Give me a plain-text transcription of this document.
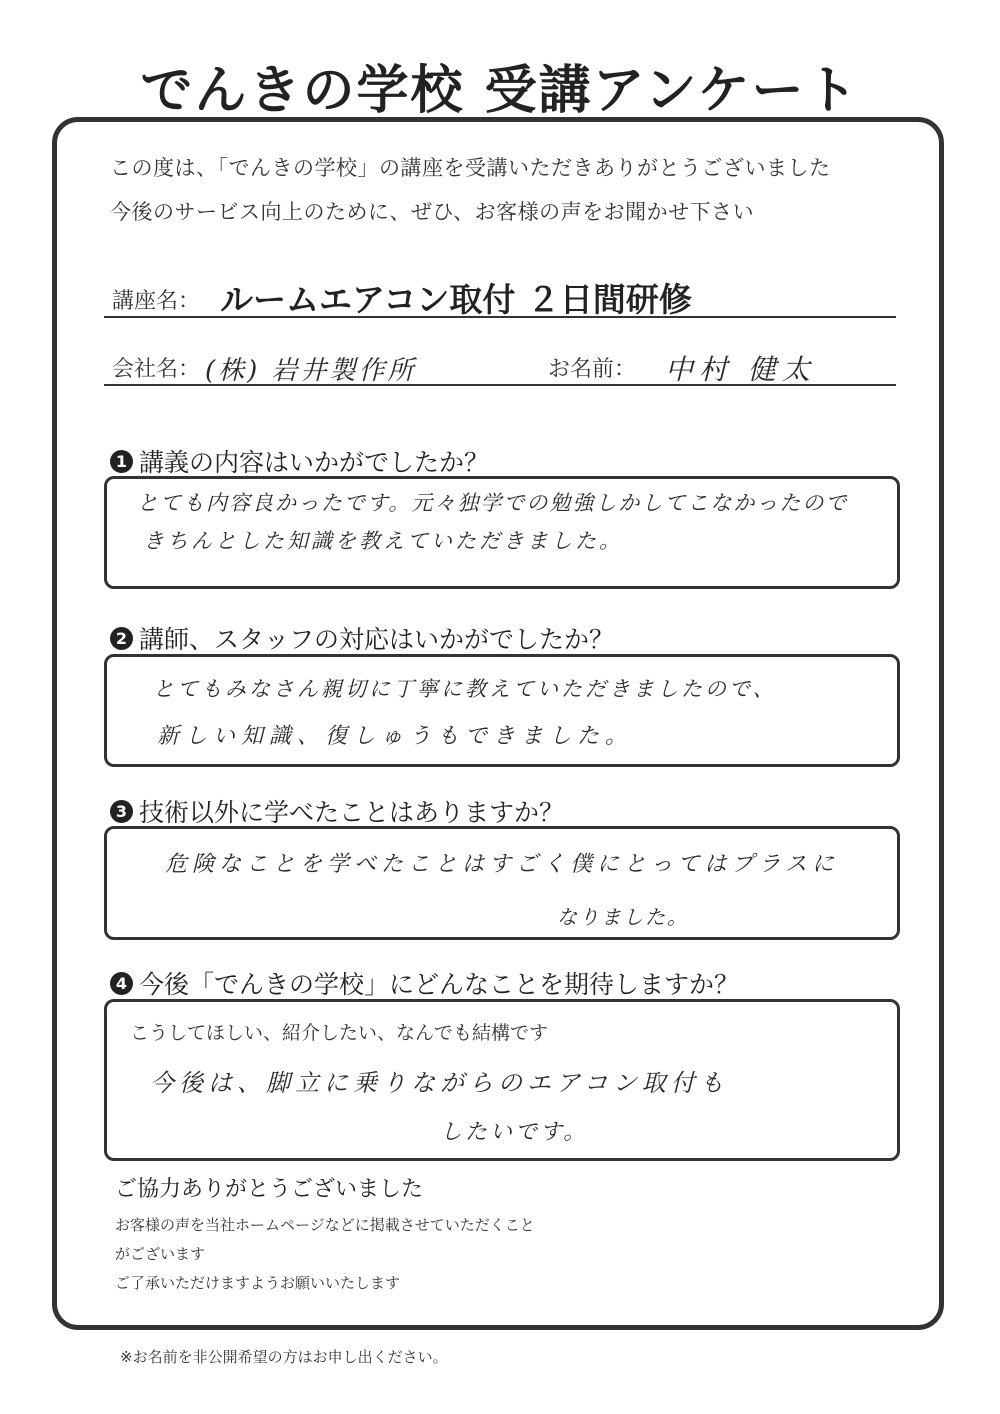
でんきの学校 受講アンケート
この度は、「でんきの学校」の講座を受講いただきありがとうございました
今後のサービス向上のために、ぜひ、お客様の声をお聞かせ下さい
講座名： ルームエアコン取付 ２日間研修
会社名： (株) 岩井製作所	お名前： 中村 健太
1 講義の内容はいかがでしたか？
とても内容良かったです。元々独学での勉強しかしてこなかったので
きちんとした知識を教えていただきました。
2 講師、スタッフの対応はいかがでしたか？
とてもみなさん親切に丁寧に教えていただきましたので、
新しい知識、復しゅうもできました。
3 技術以外に学べたことはありますか？
危険なことを学べたことはすごく僕にとってはプラスに
なりました。
4 今後「でんきの学校」にどんなことを期待しますか？
こうしてほしい、紹介したい、なんでも結構です
今後は、脚立に乗りながらのエアコン取付も
したいです。
ご協力ありがとうございました
お客様の声を当社ホームページなどに掲載させていただくこと
がございます
ご了承いただけますようお願いいたします
※お名前を非公開希望の方はお申し出ください。
